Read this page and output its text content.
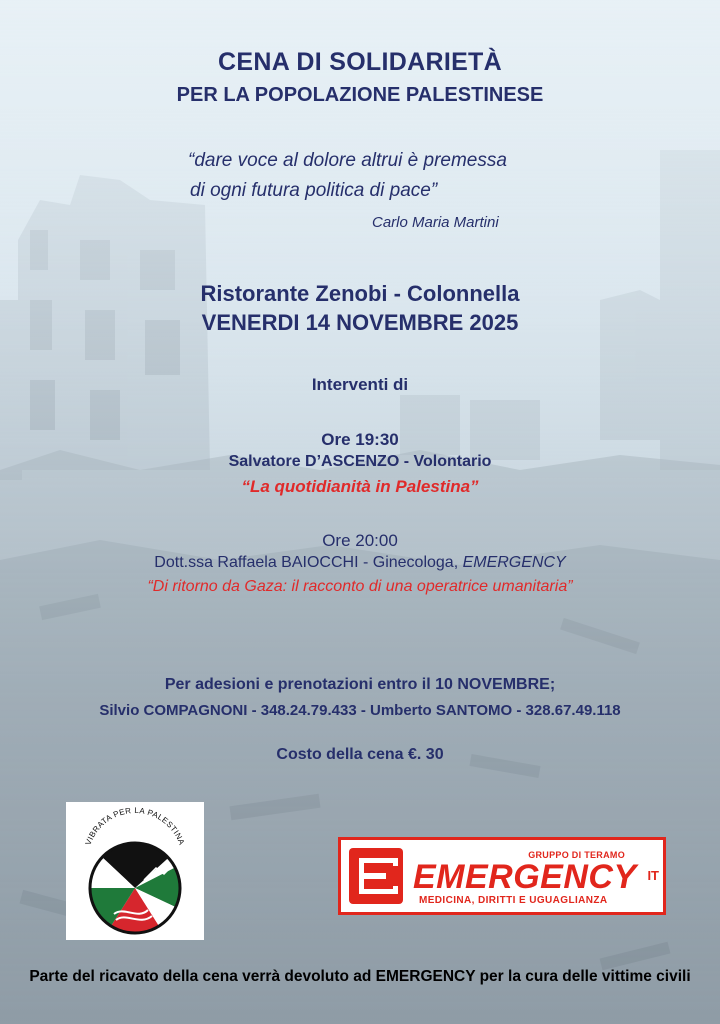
CENA DI SOLIDARIETÀ
PER LA POPOLAZIONE PALESTINESE
“dare voce al dolore altrui è premessa
di ogni futura politica di pace”
Carlo Maria Martini
Ristorante Zenobi - Colonnella
VENERDI 14 NOVEMBRE 2025
Interventi di
Ore 19:30
Salvatore D’ASCENZO - Volontario
“La quotidianità in Palestina”
Ore 20:00
Dott.ssa Raffaela BAIOCCHI - Ginecologa, EMERGENCY
“Di ritorno da Gaza: il racconto di una operatrice umanitaria”
Per adesioni e prenotazioni entro il 10 NOVEMBRE;
Silvio COMPAGNONI - 348.24.79.433 - Umberto SANTOMO - 328.67.49.118
Costo della cena €. 30
VIBRATA PER LA PALESTINA
GRUPPO DI TERAMO
EMERGENCY IT
MEDICINA, DIRITTI E UGUAGLIANZA
Parte del ricavato della cena verrà devoluto ad EMERGENCY per la cura delle vittime civili
